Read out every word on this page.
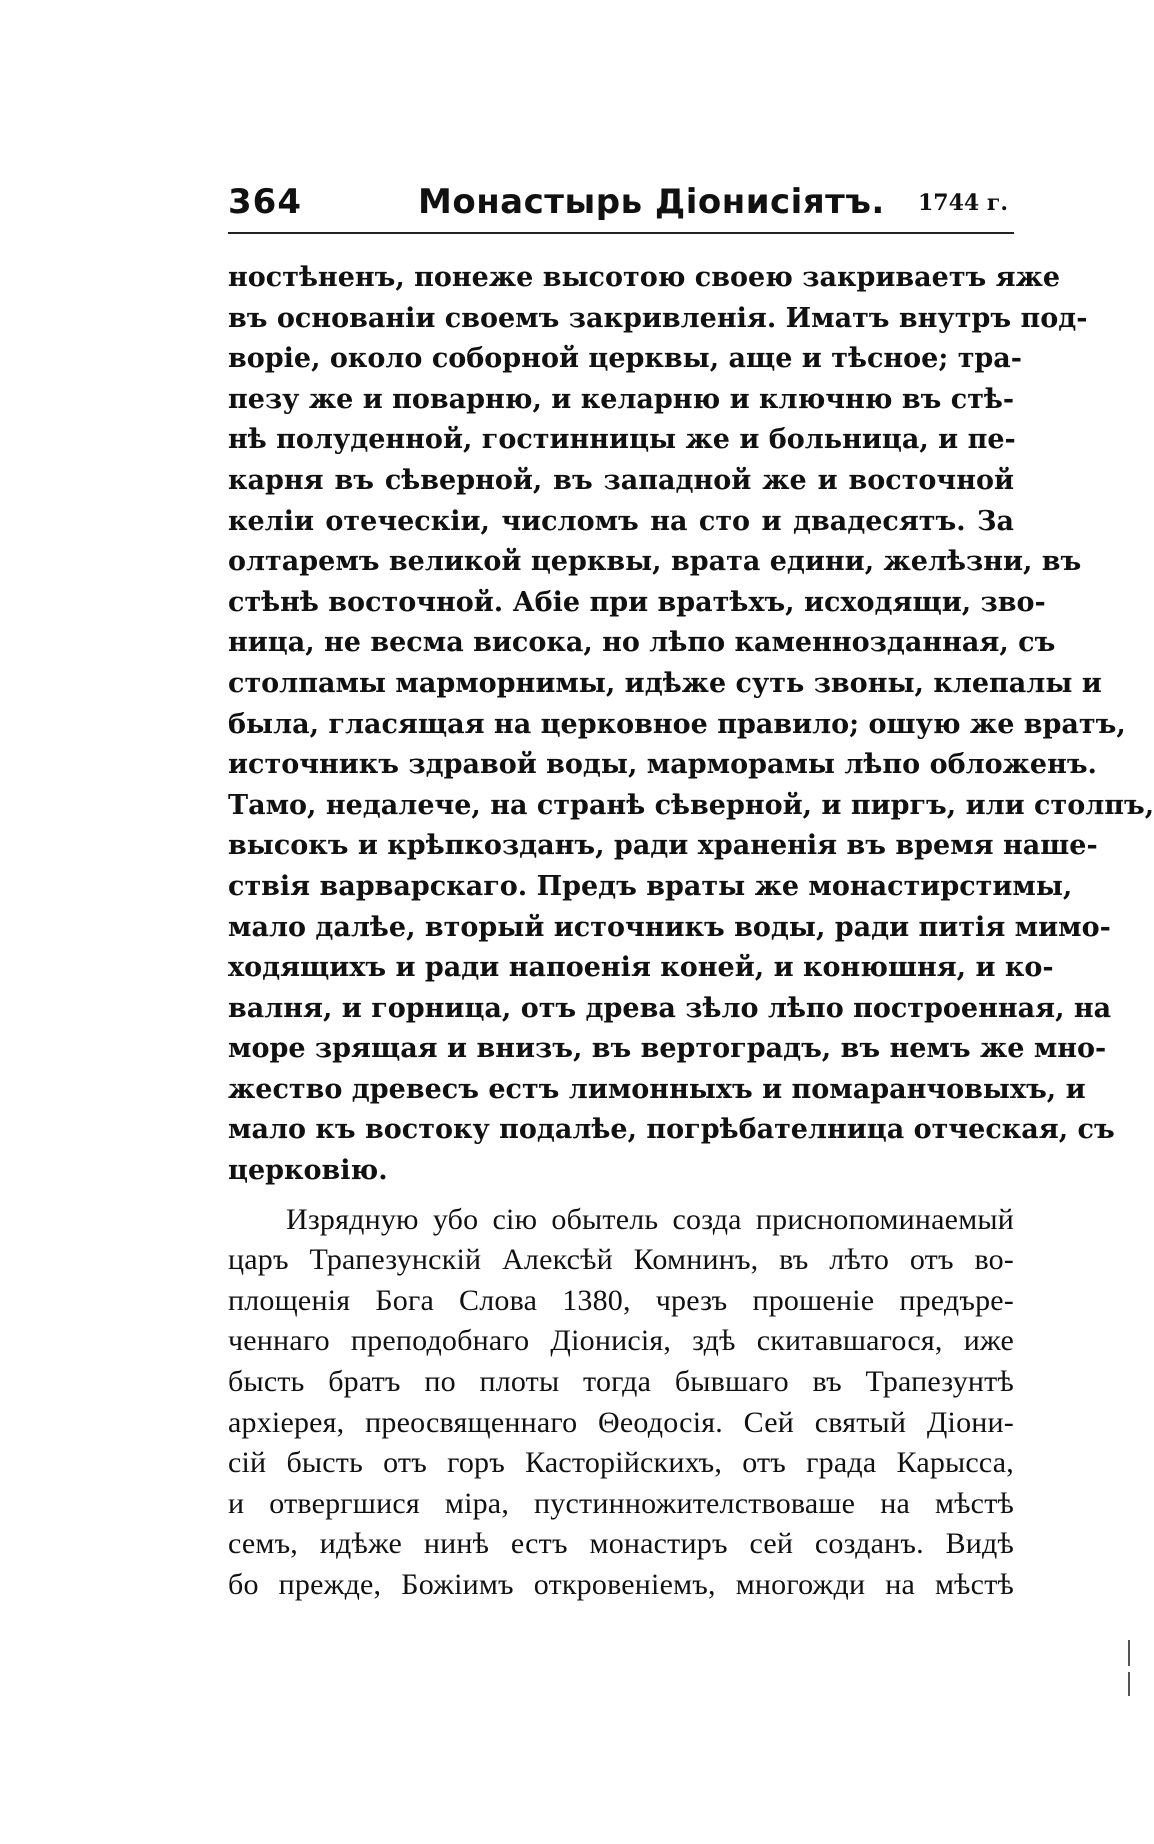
364	Монастырь Діонисіятъ. 1744 г.
ностѣненъ, понеже высотою своею закриваетъ яже
въ основаніи своемъ закривленія. Иматъ внутръ под-
воріе, около соборной церквы, аще и тѣсное; тра-
пезу же и поварню, и келарню и ключню въ стѣ-
нѣ полуденной, гостинницы же и больница, и пе-
карня въ сѣверной, въ западной же и восточной
келіи отеческіи, числомъ на сто и двадесятъ. За
олтаремъ великой церквы, врата едини, желѣзни, въ
стѣнѣ восточной. Абіе при вратѣхъ, исходящи, зво-
ница, не весма висока, но лѣпо каменнозданная, съ
столпамы марморнимы, идѣже суть звоны, клепалы и
была, гласящая на церковное правило; ошую же вратъ,
источникъ здравой воды, марморамы лѣпо обложенъ.
Тамо, недалече, на странѣ сѣверной, и пиргъ, или столпъ,
высокъ и крѣпкозданъ, ради храненія въ время нашe-
ствія варварскаго. Предъ враты же монастирстимы,
мало далѣе, вторый источникъ воды, ради питія мимо-
ходящихъ и ради напоенія коней, и конюшня, и ко-
валня, и горница, отъ древа зѣло лѣпо построенная, на
море зрящая и внизъ, въ вертоградъ, въ немъ же мно-
жество древесъ естъ лимонныхъ и помаранчовыхъ, и
мало къ востоку подалѣе, погрѣбателница отческая, съ
церковію.
Изрядную убо сію обытель созда приснопоминаемый
царъ Трапезунскій Алексѣй Комнинъ, въ лѣто отъ во-
площенія Бога Слова 1380, чрезъ прошеніе предъре-
ченнаго преподобнаго Діонисія, здѣ скитавшагося, иже
бысть братъ по плоты тогда бывшаго въ Трапезунтѣ
архіерея, преосвященнаго Θеодосія. Сей святый Діони-
сій бысть отъ горъ Касторійскихъ, отъ града Карысса,
и отвергшися міра, пустинножителствоваше на мѣстѣ
семъ, идѣже нинѣ естъ монастиръ сей созданъ. Видѣ
бо прежде, Божіимъ откровеніемъ, многожди на мѣстѣ
